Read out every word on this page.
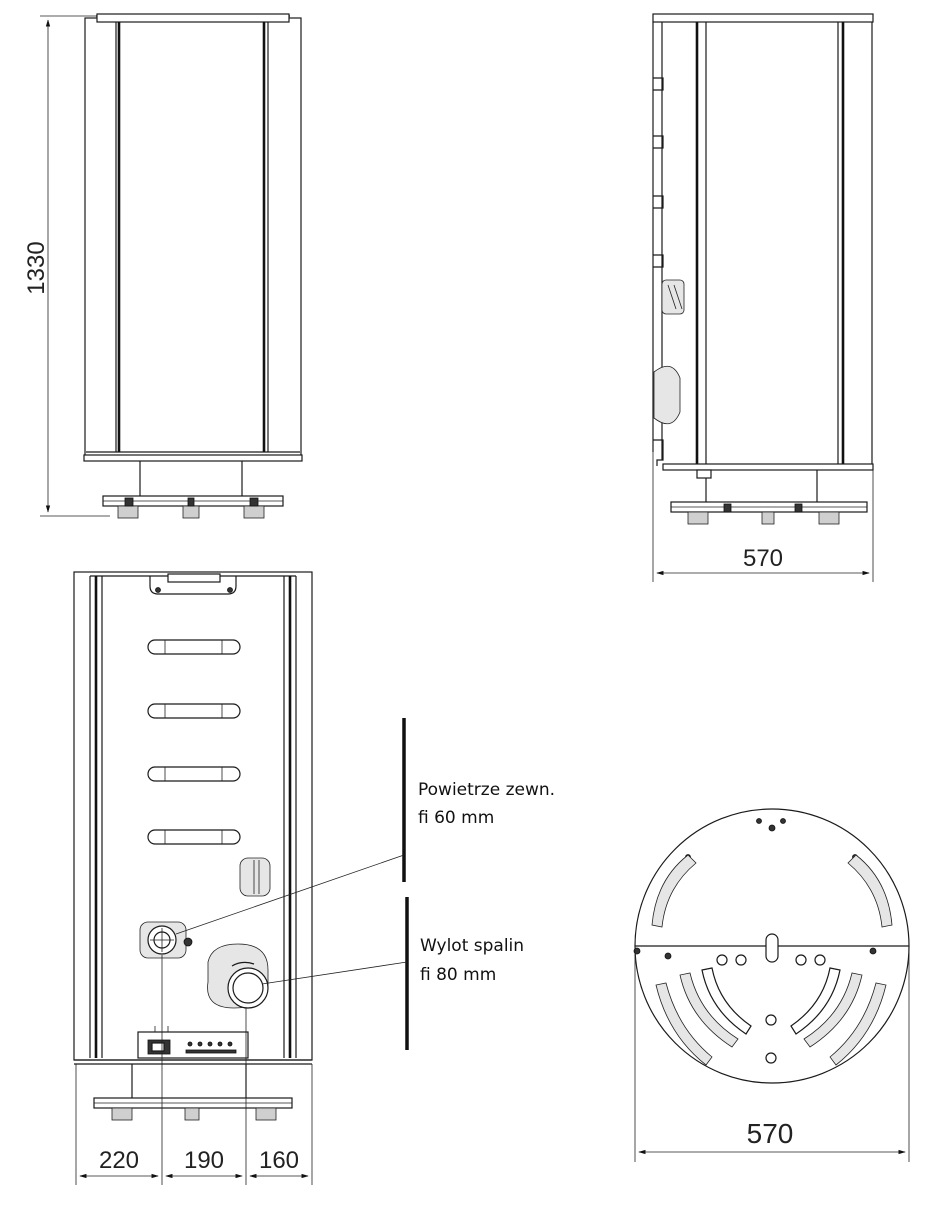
1330
570
220 190 160
Powietrze zewn.
fi 60 mm
Wylot spalin
fi 80 mm
570
